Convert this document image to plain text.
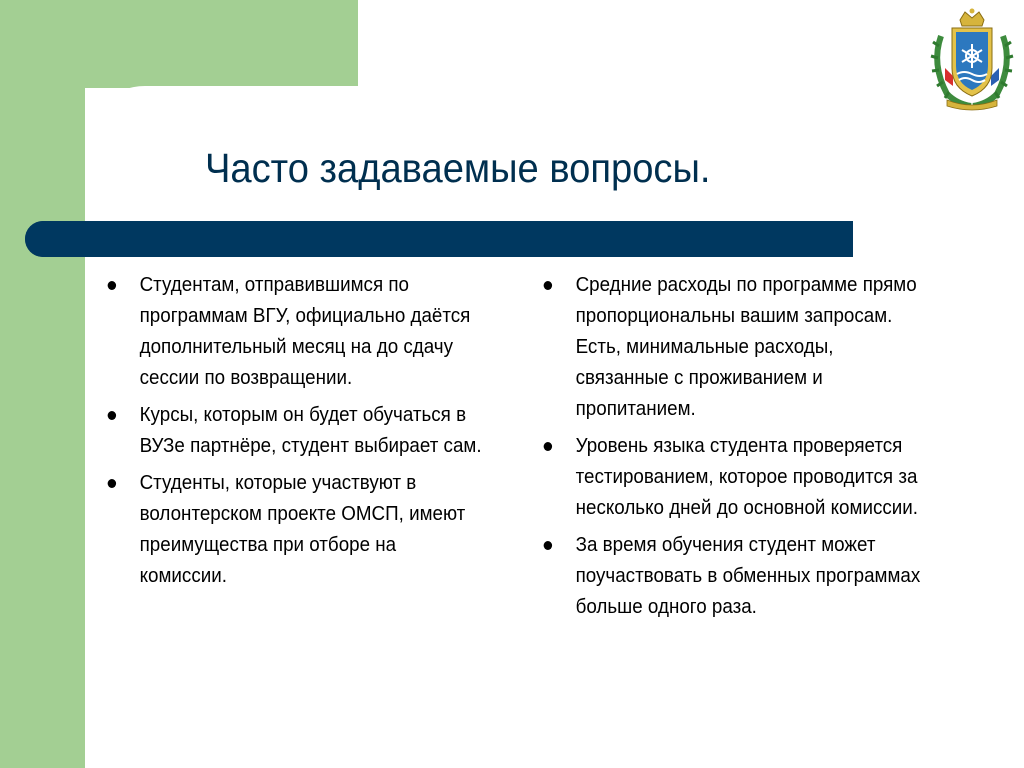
Часто задаваемые вопросы.
Студентам, отправившимся по программам ВГУ, официально даётся дополнительный месяц на до сдачу сессии по возвращении.
Курсы, которым он будет обучаться в ВУЗе партнёре, студент выбирает сам.
Студенты, которые участвуют в волонтерском проекте ОМСП, имеют преимущества при отборе на комиссии.
Средние расходы по программе прямо пропорциональны вашим запросам. Есть, минимальные расходы, связанные с проживанием и пропитанием.
Уровень языка студента проверяется тестированием, которое проводится за несколько дней до основной комиссии.
За время обучения студент может поучаствовать в обменных программах больше одного раза.
